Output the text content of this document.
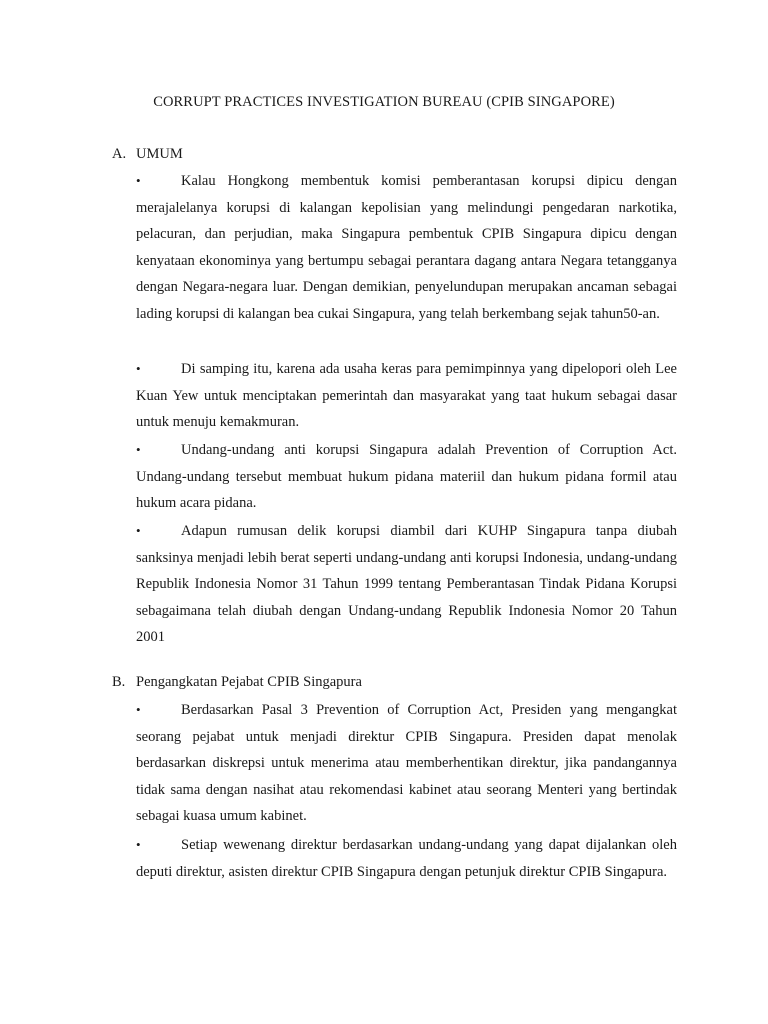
CORRUPT PRACTICES INVESTIGATION BUREAU (CPIB SINGAPORE)
A. UMUM
•	Kalau Hongkong membentuk komisi pemberantasan korupsi dipicu dengan merajalelanya korupsi di kalangan kepolisian yang melindungi pengedaran narkotika, pelacuran, dan perjudian, maka Singapura pembentuk CPIB Singapura dipicu dengan kenyataan ekonominya yang bertumpu sebagai perantara dagang antara Negara tetangganya dengan Negara-negara luar. Dengan demikian, penyelundupan merupakan ancaman sebagai lading korupsi di kalangan bea cukai Singapura, yang telah berkembang sejak tahun50-an.
•	Di samping itu, karena ada usaha keras para pemimpinnya yang dipelopori oleh Lee Kuan Yew untuk menciptakan pemerintah dan masyarakat yang taat hukum sebagai dasar untuk menuju kemakmuran.
•	Undang-undang anti korupsi Singapura adalah Prevention of Corruption Act. Undang-undang tersebut membuat hukum pidana materiil dan hukum pidana formil atau hukum acara pidana.
•	Adapun rumusan delik korupsi diambil dari KUHP Singapura tanpa diubah sanksinya menjadi lebih berat seperti undang-undang anti korupsi Indonesia, undang-undang Republik Indonesia Nomor 31 Tahun 1999 tentang Pemberantasan Tindak Pidana Korupsi sebagaimana telah diubah dengan Undang-undang Republik Indonesia Nomor 20 Tahun 2001
B. Pengangkatan Pejabat CPIB Singapura
•	Berdasarkan Pasal 3 Prevention of Corruption Act, Presiden yang mengangkat seorang pejabat untuk menjadi direktur CPIB Singapura. Presiden dapat menolak berdasarkan diskrepsi untuk menerima atau memberhentikan direktur, jika pandangannya tidak sama dengan nasihat atau rekomendasi kabinet atau seorang Menteri yang bertindak sebagai kuasa umum kabinet.
•	Setiap wewenang direktur berdasarkan undang-undang yang dapat dijalankan oleh deputi direktur, asisten direktur CPIB Singapura dengan petunjuk direktur CPIB Singapura.
